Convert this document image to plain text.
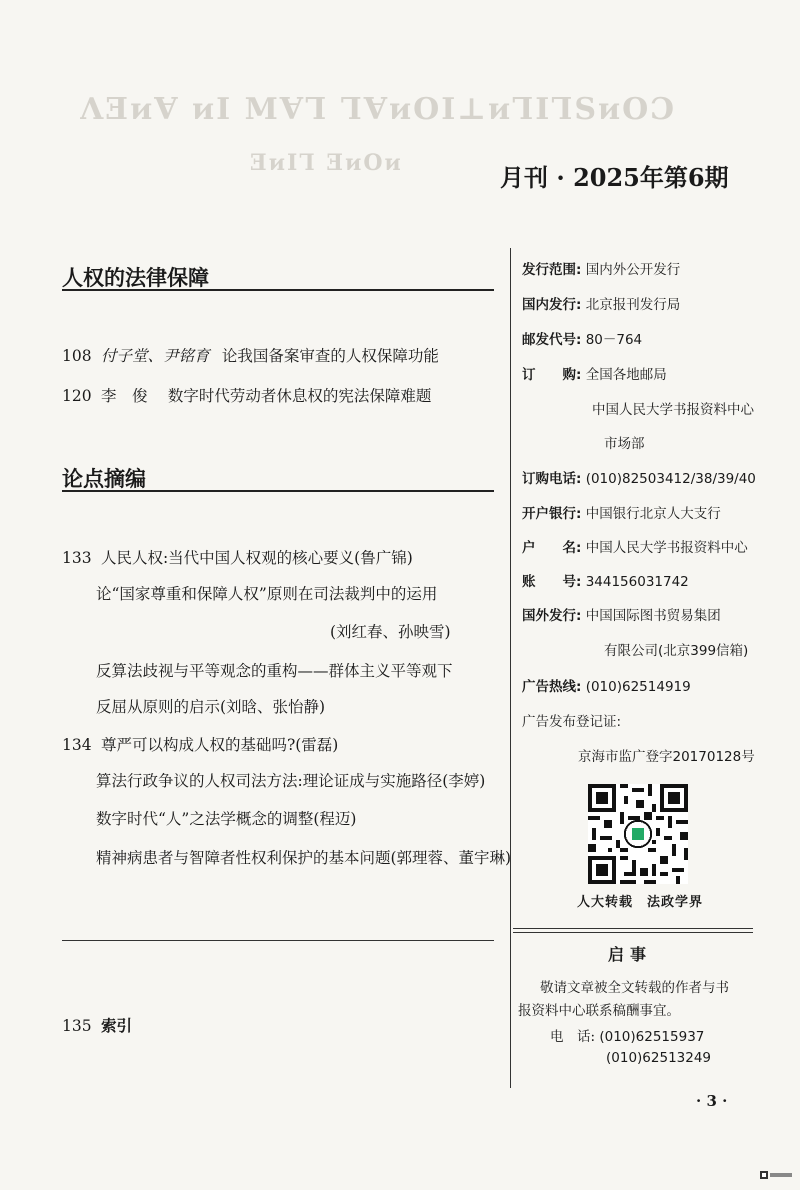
ɅƎᴎⱯ ᴎI MⱯꞀ ꞀⱯᴎOI⊥ᴎꞀIꞀSᴎOƆ
ƎᴎIꞀ ƎᴎOᴎ	月刊 · 2025年第6期
人权的法律保障
108 付子堂、尹铭育 论我国备案审查的人权保障功能
120 李　俊 数字时代劳动者休息权的宪法保障难题
论点摘编
133 人民人权:当代中国人权观的核心要义(鲁广锦)
论“国家尊重和保障人权”原则在司法裁判中的运用
(刘红春、孙映雪)
反算法歧视与平等观念的重构——群体主义平等观下
反屈从原则的启示(刘晗、张怡静)
134 尊严可以构成人权的基础吗?(雷磊)
算法行政争议的人权司法方法:理论证成与实施路径(李婷)
数字时代“人”之法学概念的调整(程迈)
精神病患者与智障者性权利保护的基本问题(郭理蓉、董宇琳)
135 索引
发行范围: 国内外公开发行
国内发行: 北京报刊发行局
邮发代号: 80－764
订　　购: 全国各地邮局
中国人民大学书报资料中心
市场部
订购电话: (010)82503412/38/39/40
开户银行: 中国银行北京人大支行
户　　名: 中国人民大学书报资料中心
账　　号: 344156031742
国外发行: 中国国际图书贸易集团
有限公司(北京399信箱)
广告热线: (010)62514919
广告发布登记证:
京海市监广登字20170128号
人大转载　法政学界
启事
敬请文章被全文转载的作者与书
报资料中心联系稿酬事宜。
电　话: (010)62515937
(010)62513249
· 3 ·
